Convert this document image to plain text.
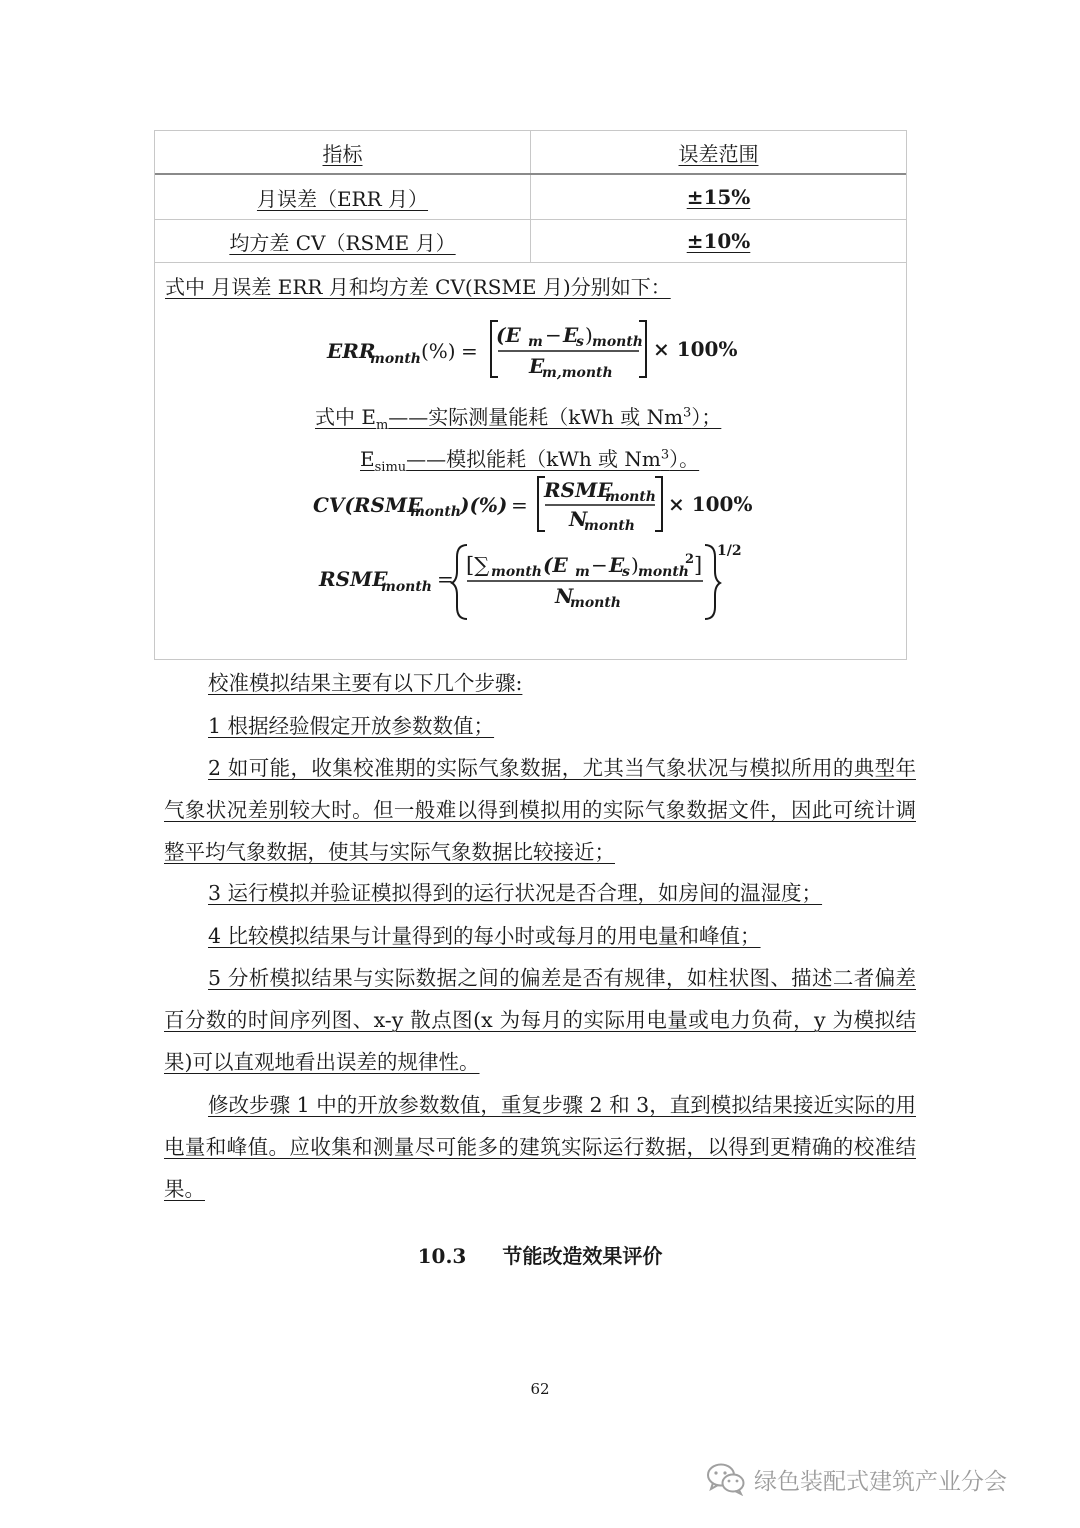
指标	误差范围
月误差（ERR 月）	±15%
均方差 CV（RSME 月）	±10%
式中 月误差 ERR 月和均方差 CV(RSME 月)分别如下：
ERR
month (%) =
(E m − E
s ) month
E
m,month
× 100%
CV(RSME
month )(%) =
RSME
month
N
month
× 100%
RSME
month =
[∑ month (E m − E
s ) month
2 ]
N
month
1/2
式中 $E_m——$实际测量能耗（kWh 或 Nm$^3$）；
$E_{simu}——$模拟能耗（kWh 或 Nm$^3$）。
校准模拟结果主要有以下几个步骤:
1 根据经验假定开放参数数值；
2 如可能，收集校准期的实际气象数据，尤其当气象状况与模拟所用的典型年气象状况差别较大时。但一般难以得到模拟用的实际气象数据文件，因此可统计调整平均气象数据，使其与实际气象数据比较接近；
3 运行模拟并验证模拟得到的运行状况是否合理，如房间的温湿度；
4 比较模拟结果与计量得到的每小时或每月的用电量和峰值；
5 分析模拟结果与实际数据之间的偏差是否有规律，如柱状图、描述二者偏差百分数的时间序列图、x-y 散点图(x 为每月的实际用电量或电力负荷，y 为模拟结果)可以直观地看出误差的规律性。
修改步骤 1 中的开放参数数值，重复步骤 2 和 3，直到模拟结果接近实际的用电量和峰值。应收集和测量尽可能多的建筑实际运行数据，以得到更精确的校准结果。
10.3 节能改造效果评价
62
绿色装配式建筑产业分会
